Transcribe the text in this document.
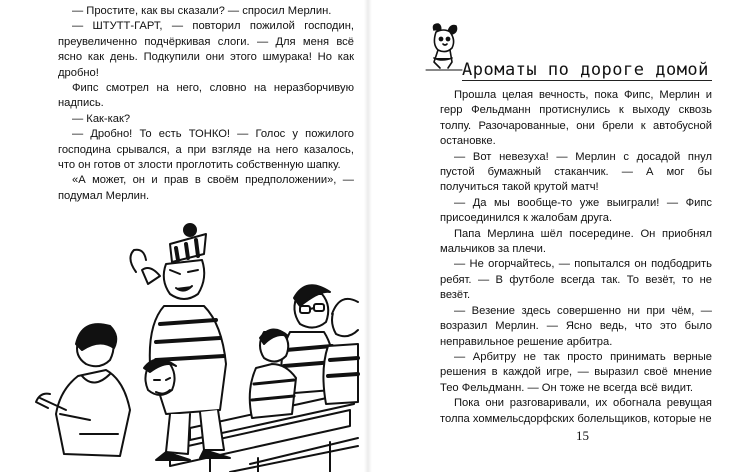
— Простите, как вы сказали? — спросил Мерлин.

— ШТУТТ-ГАРТ, — повторил пожилой господин, преувеличенно подчёркивая слоги. — Для меня всё ясно как день. Подкупили они этого шмурака! Но как дробно!

Фипс смотрел на него, словно на неразборчивую надпись.

— Как-как?

— Дробно! То есть ТОНКО! — Голос у пожилого господина срывался, а при взгляде на него казалось, что он готов от злости проглотить собственную шапку.

«А может, он и прав в своём предположении», — подумал Мерлин.

Ароматы по дороге домой

Прошла целая вечность, пока Фипс, Мерлин и герр Фельдманн протиснулись к выходу сквозь толпу. Разочарованные, они брели к автобусной остановке.

— Вот невезуха! — Мерлин с досадой пнул пустой бумажный стаканчик. — А мог бы получиться такой крутой матч!

— Да мы вообще-то уже выиграли! — Фипс присоединился к жалобам друга.

Папа Мерлина шёл посередине. Он приобнял мальчиков за плечи.

— Не огорчайтесь, — попытался он подбодрить ребят. — В футболе всегда так. То везёт, то не везёт.

— Везение здесь совершенно ни при чём, — возразил Мерлин. — Ясно ведь, что это было неправильное решение арбитра.

— Арбитру не так просто принимать верные решения в каждой игре, — выразил своё мнение Тео Фельдманн. — Он тоже не всегда всё видит.

Пока они разговаривали, их обогнала ревущая толпа хоммельсдорфских болельщиков, которые не

15
